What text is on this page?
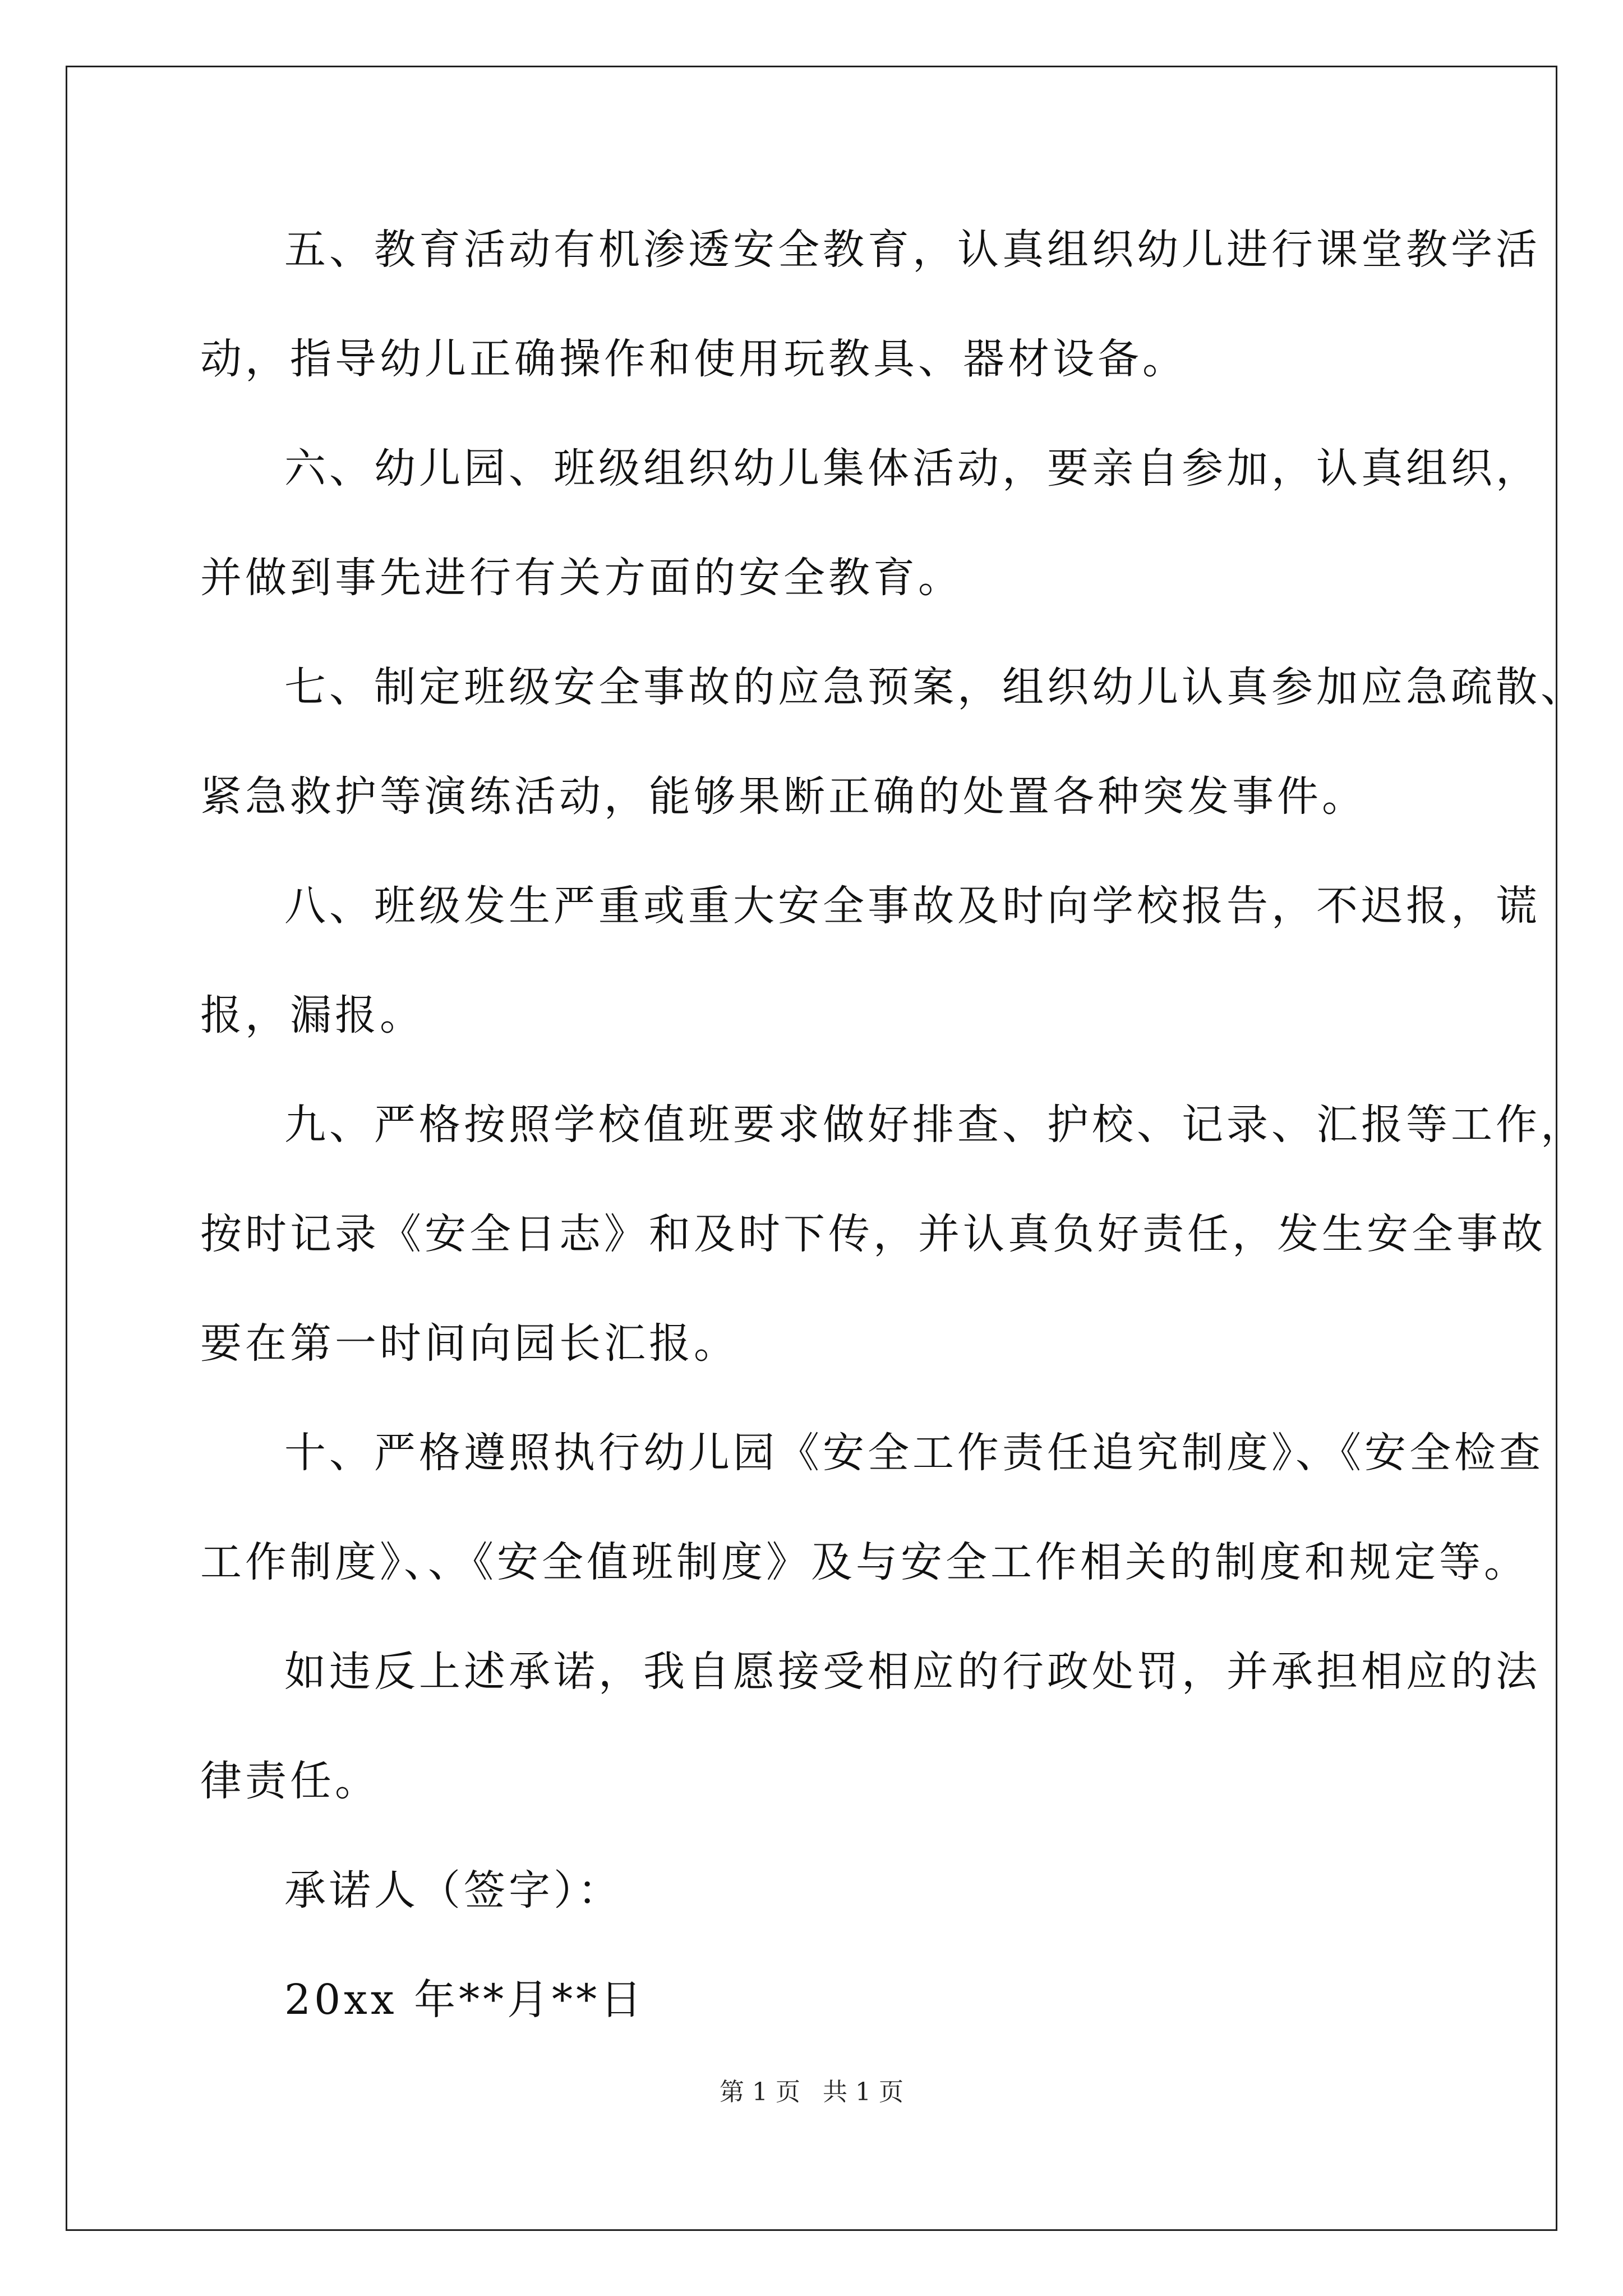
五、教育活动有机渗透安全教育，认真组织幼儿进行课堂教学活
动，指导幼儿正确操作和使用玩教具、器材设备。
六、幼儿园、班级组织幼儿集体活动，要亲自参加，认真组织，
并做到事先进行有关方面的安全教育。
七、制定班级安全事故的应急预案，组织幼儿认真参加应急疏散、
紧急救护等演练活动，能够果断正确的处置各种突发事件。
八、班级发生严重或重大安全事故及时向学校报告，不迟报，谎
报，漏报。
九、严格按照学校值班要求做好排查、护校、记录、汇报等工作，
按时记录《安全日志》和及时下传，并认真负好责任，发生安全事故
要在第一时间向园长汇报。
十、严格遵照执行幼儿园《安全工作责任追究制度》、《安全检查
工作制度》、、《安全值班制度》及与安全工作相关的制度和规定等。
如违反上述承诺，我自愿接受相应的行政处罚，并承担相应的法
律责任。
承诺人（签字）：
20xx 年**月**日
第 1 页 共 1 页
